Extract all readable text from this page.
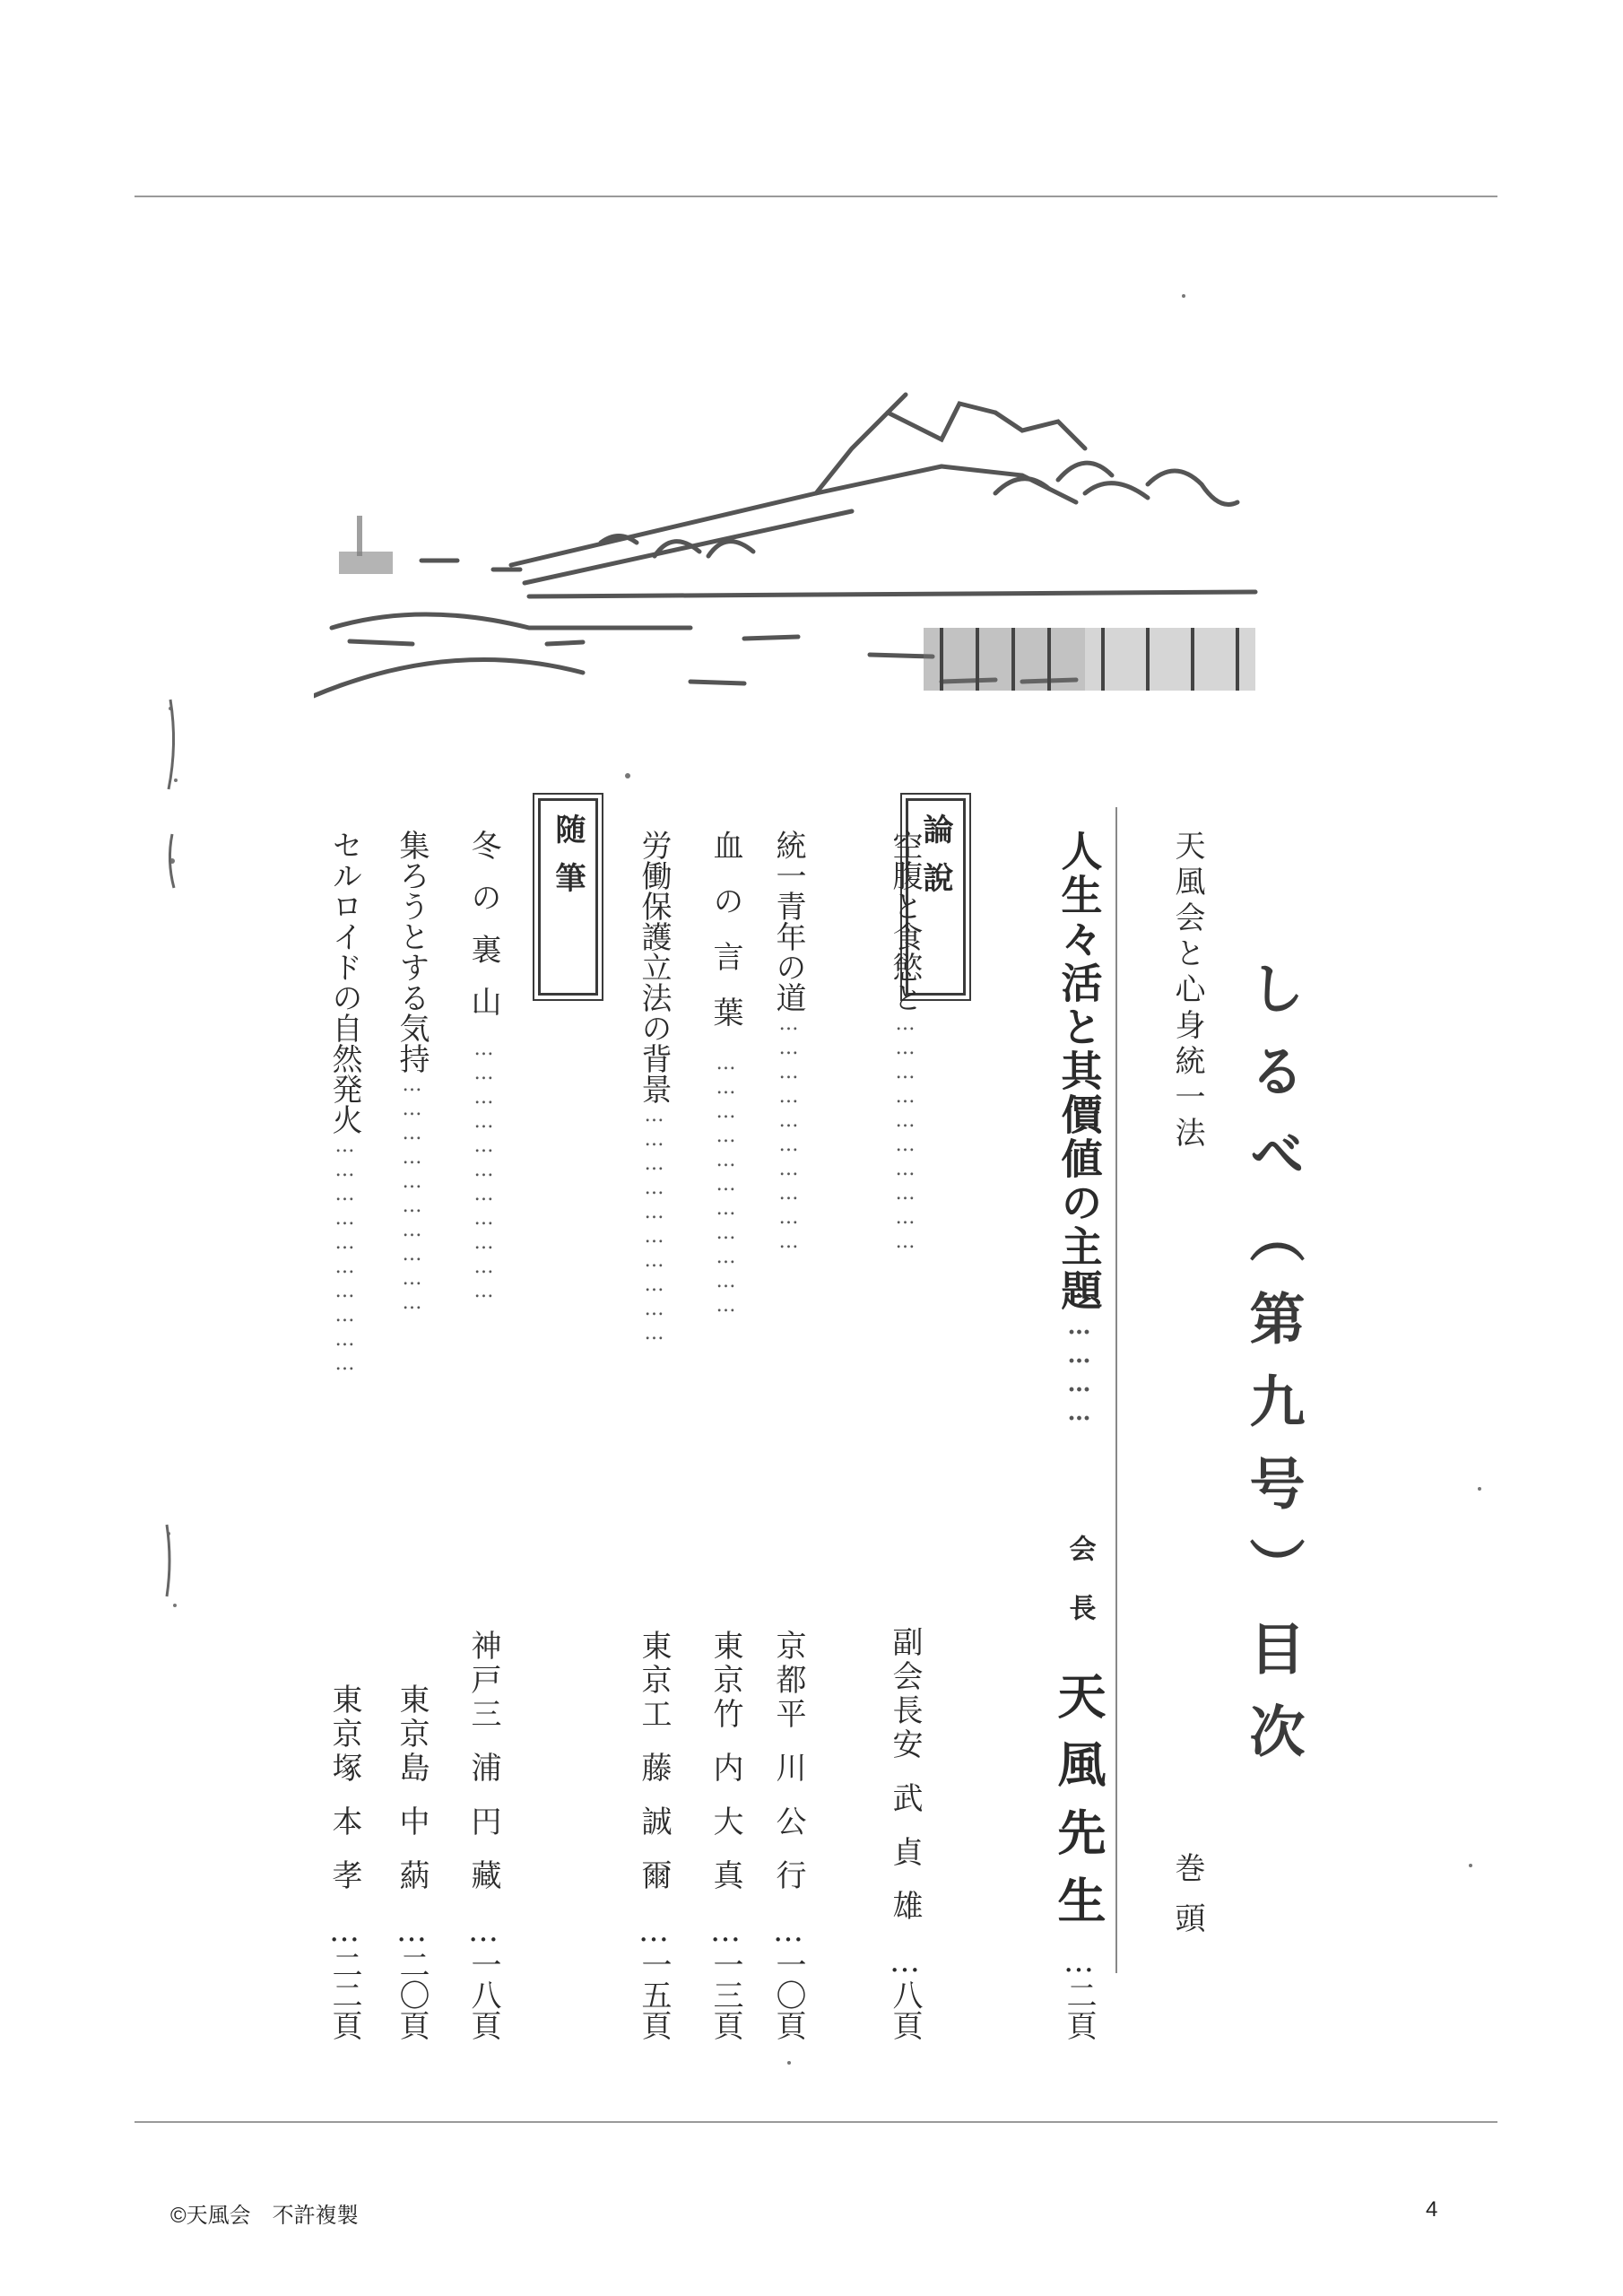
しるべ（第九号）目次
天風会と心身統一法
巻頭
人生々活と其價値の主題
…………
会長
天風先生
…二頁
論說
空腹と食慾と
…………………………
副会長
安武貞雄
…八頁
統一青年の道
…………………………
京都
平川公行
…一〇頁
血の言葉
……………………………
東京
竹内大真
…一三頁
労働保護立法の背景
…………………………
東京
工藤誠爾
…一五頁
随筆
冬の裏山
……………………………
神戸
三浦円藏
…一八頁
集ろうとする気持
…………………………
東京
島中蒳
…二〇頁
セルロイドの自然発火
…………………………
東京
塚本孝
…二二頁
©天風会　不許複製	4
